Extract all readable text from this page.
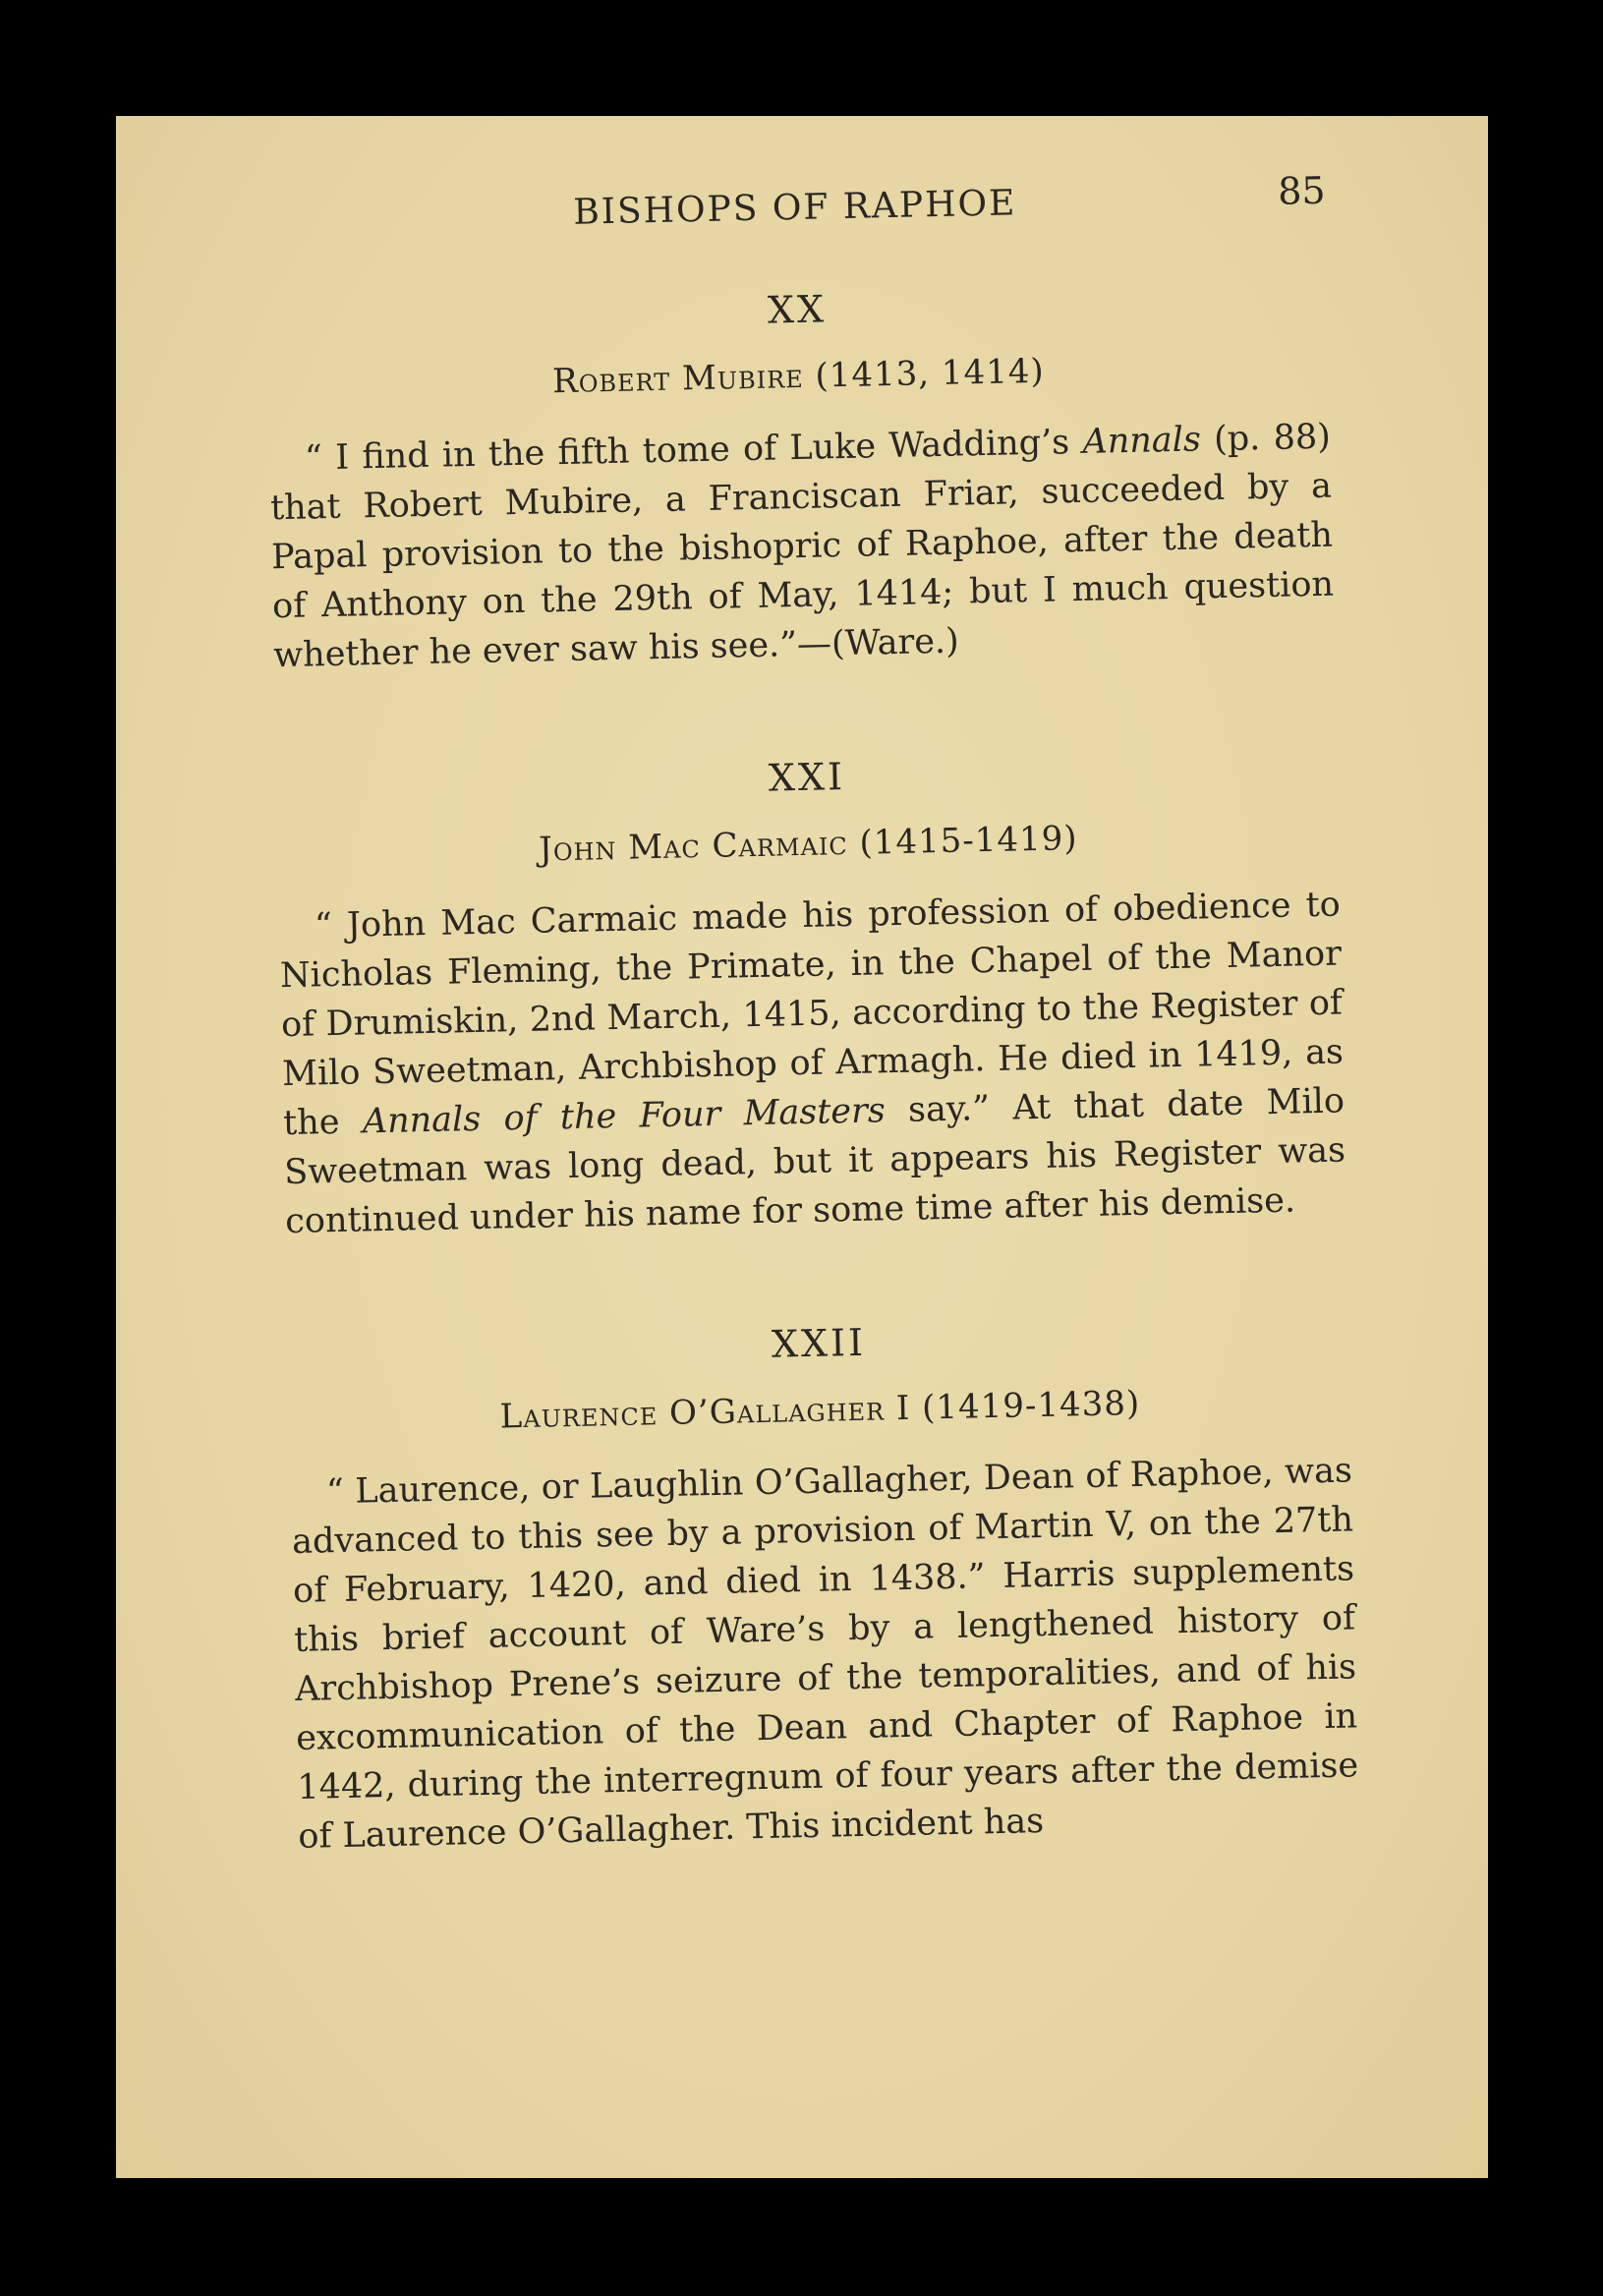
BISHOPS OF RAPHOE	85
XX
Robert Mubire (1413, 1414)

“ I find in the fifth tome of Luke Wadding’s Annals (p. 88) that Robert Mubire, a Franciscan Friar, succeeded by a Papal provision to the bishopric of Raphoe, after the death of Anthony on the 29th of May, 1414; but I much question whether he ever saw his see.”—(Ware.)

XXI
John Mac Carmaic (1415-1419)

“ John Mac Carmaic made his profession of obedience to Nicholas Fleming, the Primate, in the Chapel of the Manor of Drumiskin, 2nd March, 1415, according to the Register of Milo Sweetman, Archbishop of Armagh. He died in 1419, as the Annals of the Four Masters say.” At that date Milo Sweetman was long dead, but it appears his Register was continued under his name for some time after his demise.

XXII
Laurence O’Gallagher I (1419-1438)

“ Laurence, or Laughlin O’Gallagher, Dean of Raphoe, was advanced to this see by a provision of Martin V, on the 27th of February, 1420, and died in 1438.” Harris supplements this brief account of Ware’s by a lengthened history of Archbishop Prene’s seizure of the temporalities, and of his excommunication of the Dean and Chapter of Raphoe in 1442, during the interregnum of four years after the demise of Laurence O’Gallagher. This incident has
